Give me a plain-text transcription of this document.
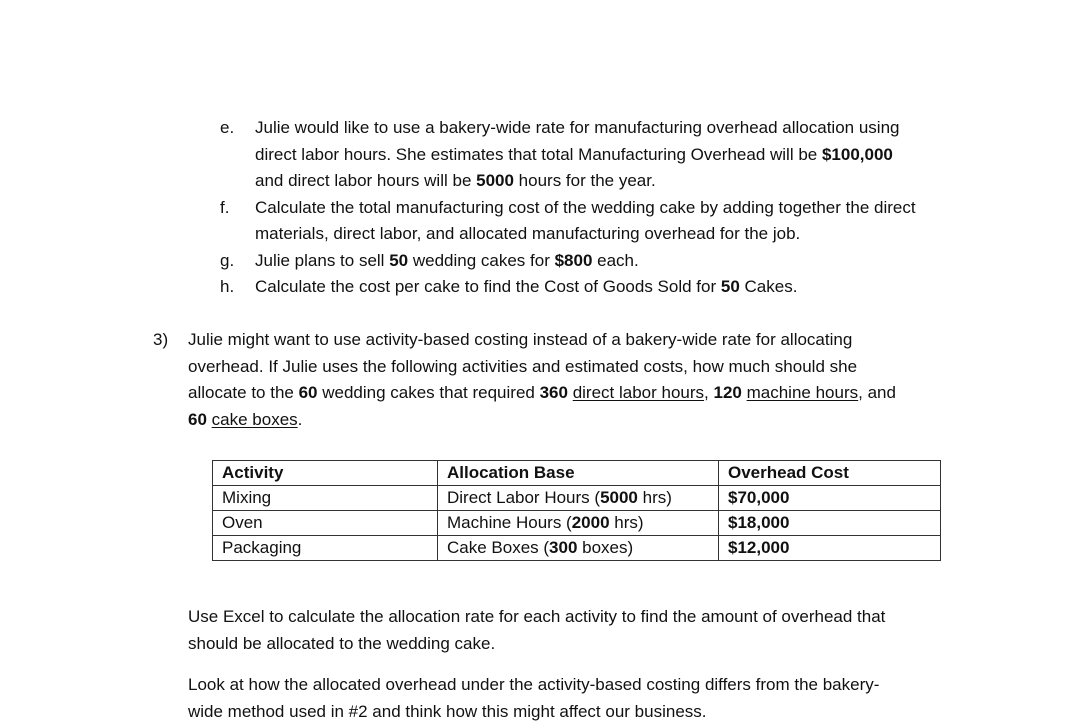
e.	Julie would like to use a bakery-wide rate for manufacturing overhead allocation using
direct labor hours. She estimates that total Manufacturing Overhead will be $100,000
and direct labor hours will be 5000 hours for the year.
f.	Calculate the total manufacturing cost of the wedding cake by adding together the direct
materials, direct labor, and allocated manufacturing overhead for the job.
g.	Julie plans to sell 50 wedding cakes for $800 each.
h.	Calculate the cost per cake to find the Cost of Goods Sold for 50 Cakes.
3)	Julie might want to use activity-based costing instead of a bakery-wide rate for allocating
overhead. If Julie uses the following activities and estimated costs, how much should she
allocate to the 60 wedding cakes that required 360 direct labor hours, 120 machine hours, and
60 cake boxes.
Activity	Allocation Base	Overhead Cost
Mixing	Direct Labor Hours (5000 hrs)	$70,000
Oven	Machine Hours (2000 hrs)	$18,000
Packaging	Cake Boxes (300 boxes)	$12,000
Use Excel to calculate the allocation rate for each activity to find the amount of overhead that
should be allocated to the wedding cake.
Look at how the allocated overhead under the activity-based costing differs from the bakery-
wide method used in #2 and think how this might affect our business.
